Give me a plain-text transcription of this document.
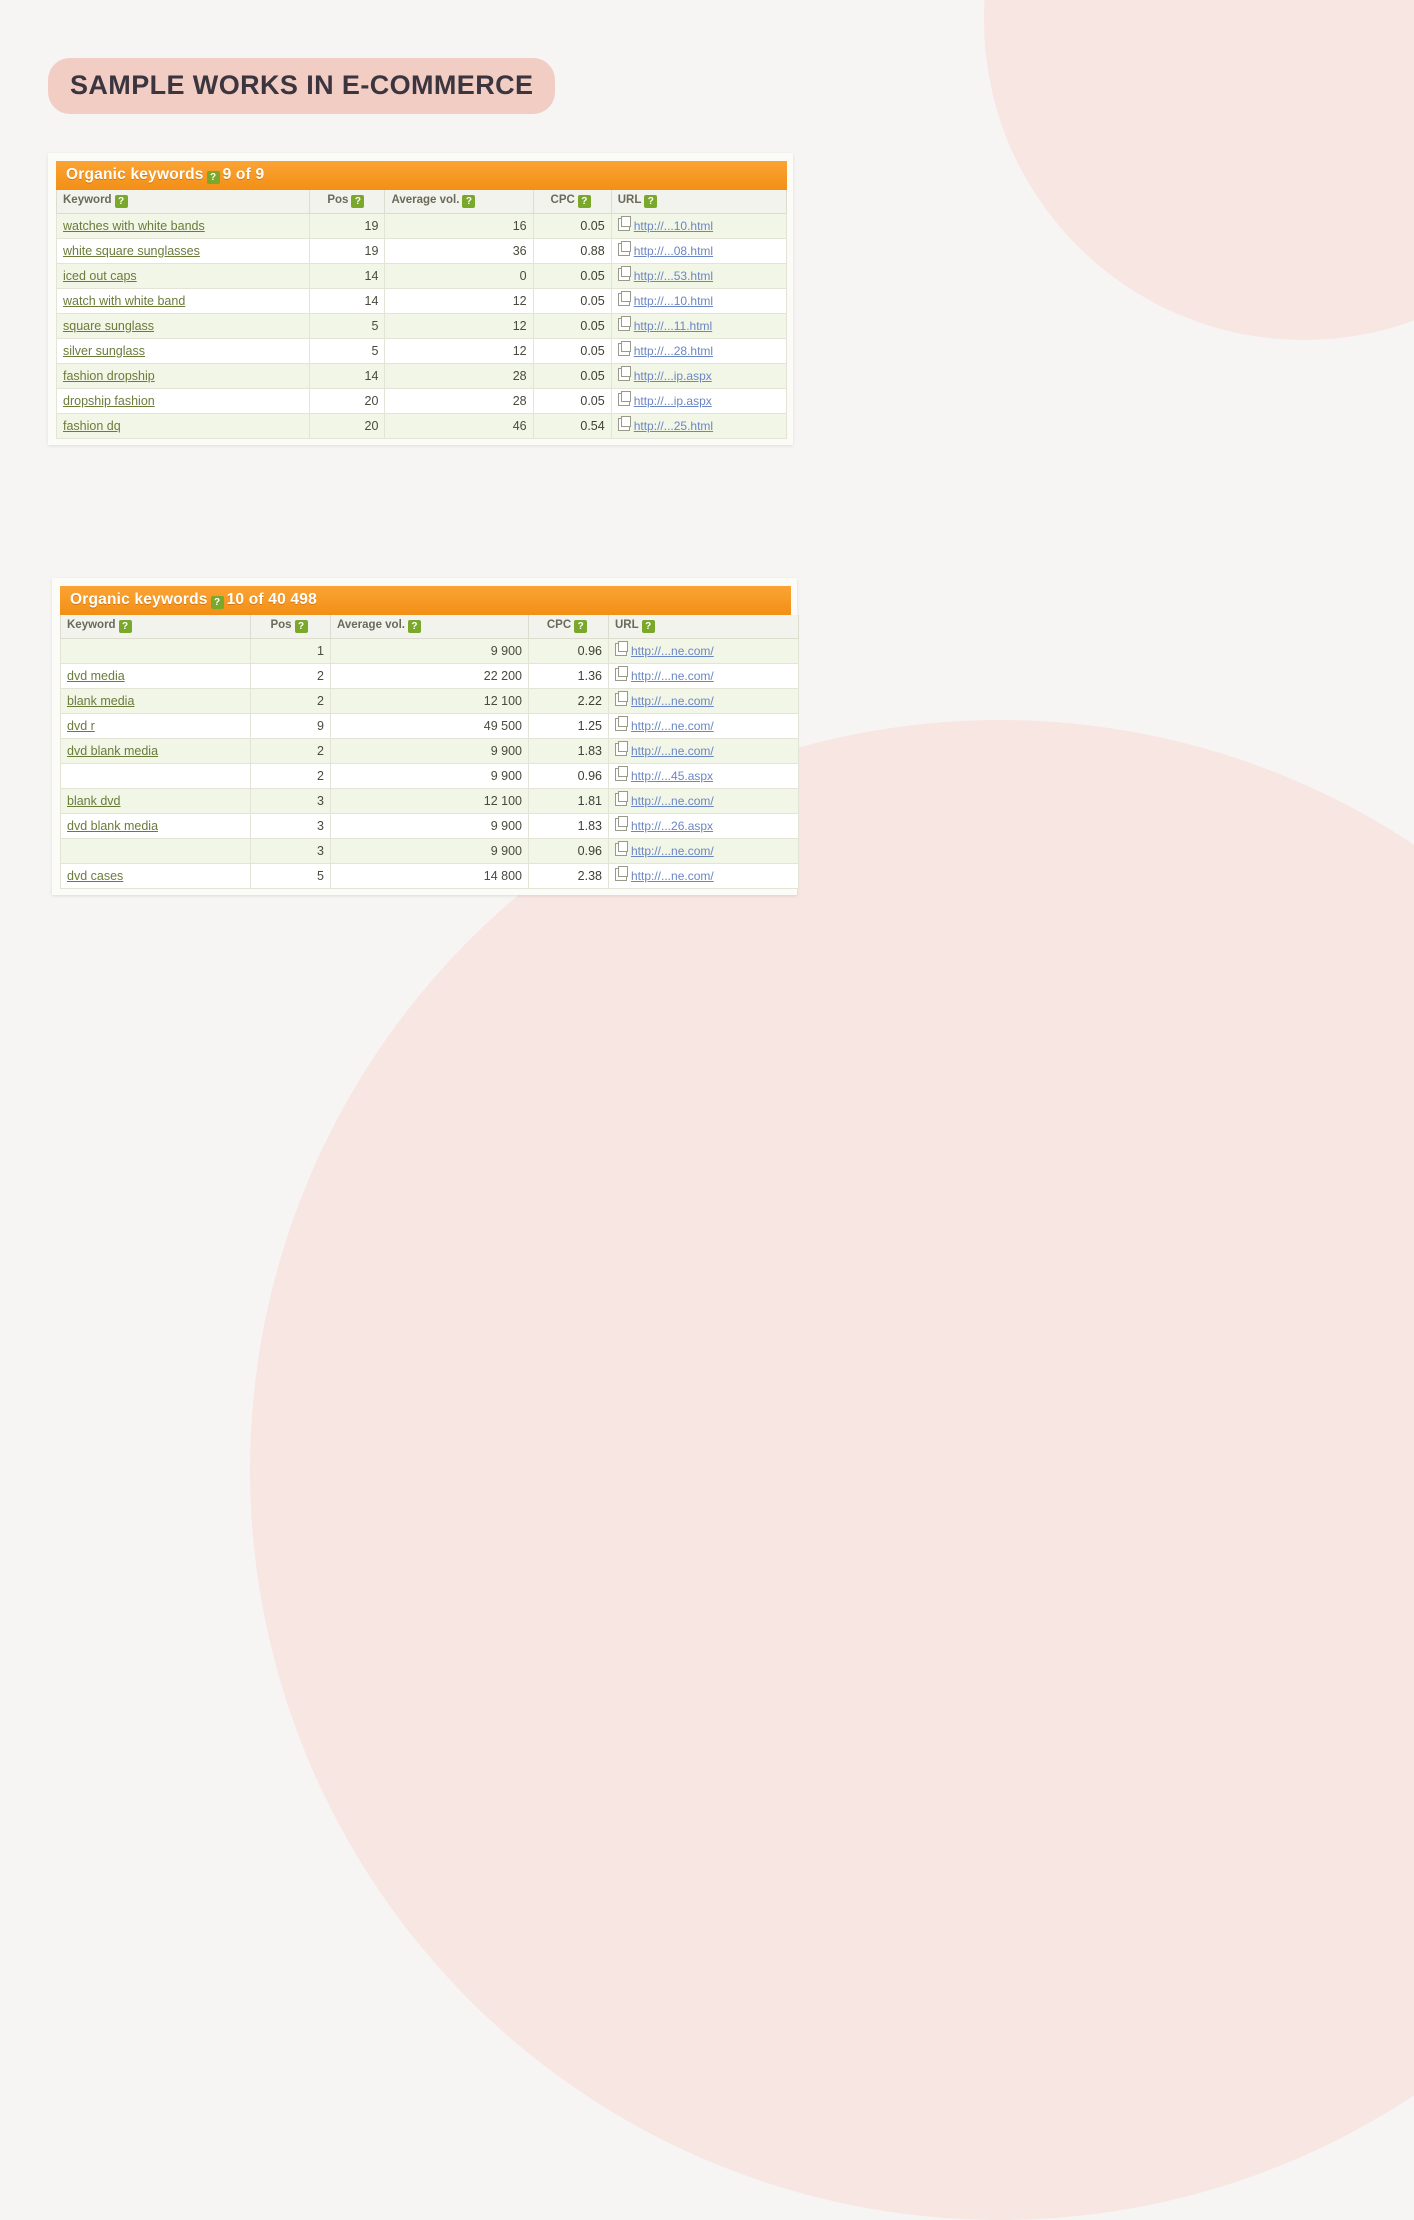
SAMPLE WORKS IN E-COMMERCE
Organic keywords ? 9 of 9
Keyword ?	Pos ?	Average vol. ?	CPC ?	URL ?
watches with white bands	19	16	0.05	http://...10.html
white square sunglasses	19	36	0.88	http://...08.html
iced out caps	14	0	0.05	http://...53.html
watch with white band	14	12	0.05	http://...10.html
square sunglass	5	12	0.05	http://...11.html
silver sunglass	5	12	0.05	http://...28.html
fashion dropship	14	28	0.05	http://...ip.aspx
dropship fashion	20	28	0.05	http://...ip.aspx
fashion dq	20	46	0.54	http://...25.html
Organic keywords ? 10 of 40 498
Keyword ?	Pos ?	Average vol. ?	CPC ?	URL ?
	1	9 900	0.96	http://...ne.com/
dvd media	2	22 200	1.36	http://...ne.com/
blank media	2	12 100	2.22	http://...ne.com/
dvd r	9	49 500	1.25	http://...ne.com/
dvd blank media	2	9 900	1.83	http://...ne.com/
	2	9 900	0.96	http://...45.aspx
blank dvd	3	12 100	1.81	http://...ne.com/
dvd blank media	3	9 900	1.83	http://...26.aspx
	3	9 900	0.96	http://...ne.com/
dvd cases	5	14 800	2.38	http://...ne.com/
